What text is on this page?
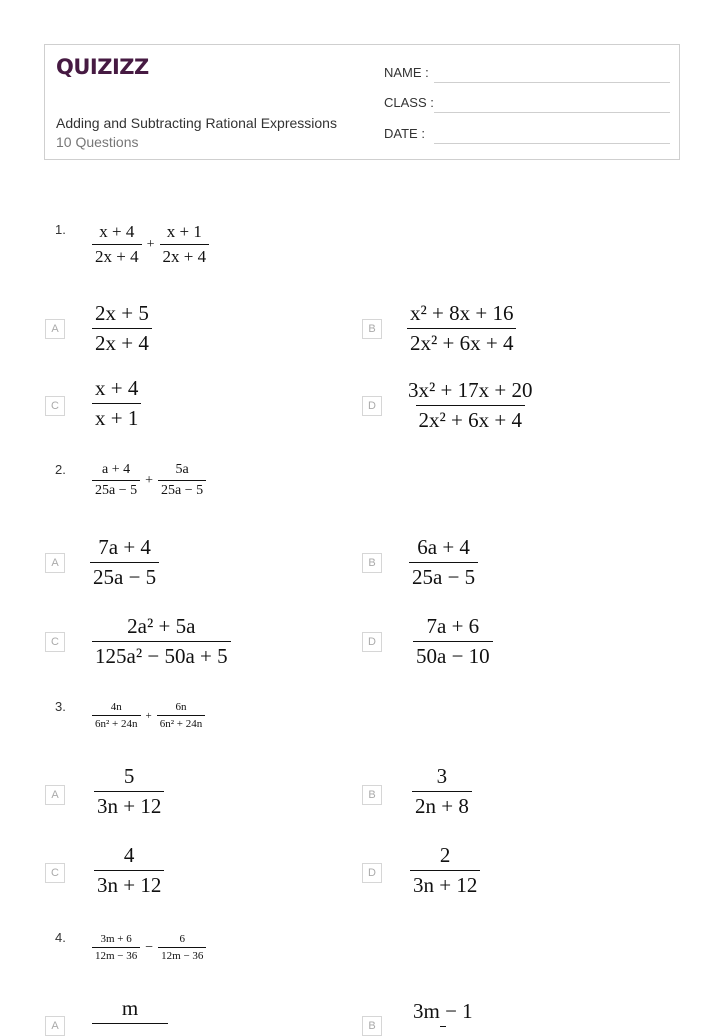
QUIZIZZ
Adding and Subtracting Rational Expressions
10 Questions
NAME :
CLASS :
DATE :
1. $\frac{x + 4}{2x + 4} + \frac{x + 1}{2x + 4}$
A	$\frac{2x + 5}{2x + 4}$	B	$\frac{\text{x² + 8x + 16}}{\text{2x² + 6x + 4}}$
C $\frac{x + 4}{x + 1}$	D $\frac{\text{3x² + 17x + 20}}{\text{2x² + 6x + 4}}$
2. $\frac{a + 4}{25a - 5} + \frac{5a}{25a - 5}$
A	$\frac{7a + 4}{25a - 5}$	B	$\frac{6a + 4}{25a - 5}$
C $\frac{\text{2a² + 5a}}{\text{125a² − 50a + 5}}$	D $\frac{7a + 6}{50a - 10}$
3. $\frac{4n}{\text{6n² + 24n}} + \frac{6n}{\text{6n² + 24n}}$
A	$\frac{5}{3n + 12}$	B	$\frac{3}{2n + 8}$
C $\frac{4}{3n + 12}$	D $\frac{2}{3n + 12}$
4. $\frac{3m + 6}{12m - 36} - \frac{6}{12m - 36}$
A
m
B
3m − 1
